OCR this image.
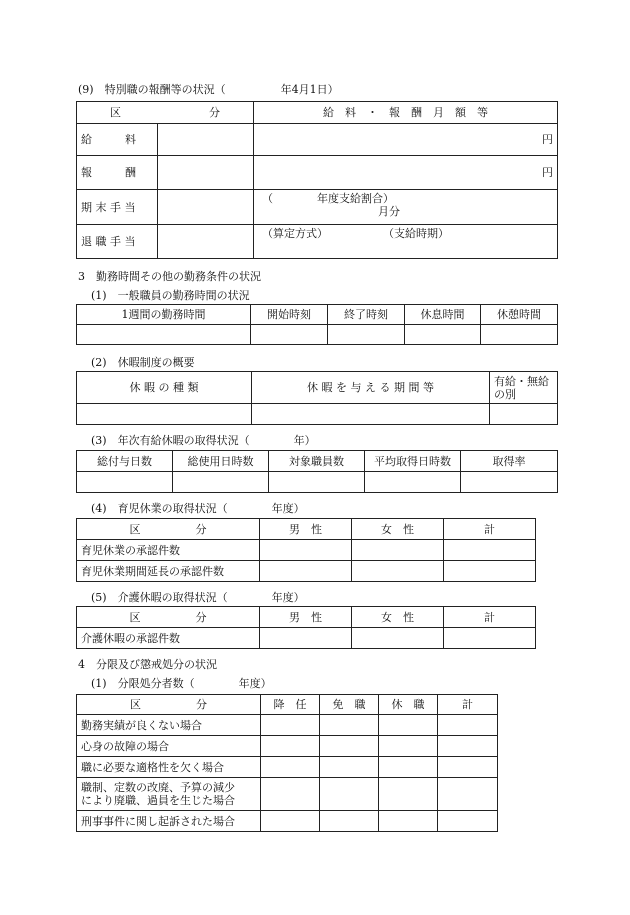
(9)　特別職の報酬等の状況（　　　　　年4月1日）
区　　　　　　　　分		給　料　・　報　酬　月　額　等
給　　　料		円
報　　　酬		円
期 末 手 当		（　　　　年度支給割合）
月分

退 職 手 当		（算定方式）　　　　　　（支給時期）
3　勤務時間その他の勤務条件の状況
(1)　一般職員の勤務時間の状況
1週間の勤務時間	開始時刻	終了時刻	休息時間	休憩時間

(2)　休暇制度の概要
休 暇 の 種 類	休 暇 を 与 え る 期 間 等	有給・無給
の別

(3)　年次有給休暇の取得状況（　　　　年）
総付与日数	総使用日時数	対象職員数	平均取得日時数	取得率

(4)　育児休業の取得状況（　　　　年度）
区　　　　　分	男　性	女　性	計
育児休業の承認件数			
育児休業期間延長の承認件数			
(5)　介護休暇の取得状況（　　　　年度）
区　　　　　分	男　性	女　性	計
介護休暇の承認件数			
4　分限及び懲戒処分の状況
(1)　分限処分者数（　　　　年度）
区　　　　　分	降　任	免　職	休　職	計
勤務実績が良くない場合				
心身の故障の場合				
職に必要な適格性を欠く場合				

職制、定数の改廃、予算の減少
により廃職、過員を生じた場合				

刑事事件に関し起訴された場合				
